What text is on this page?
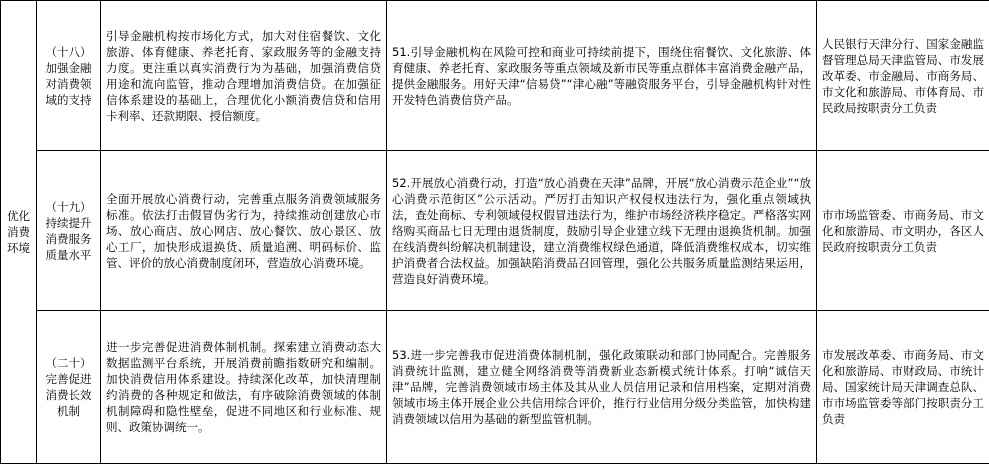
优化消费环境	（十八）
加强金融对消费领域的支持	引导金融机构按市场化方式，加大对住宿餐饮、文化旅游、体育健康、养老托育、家政服务等的金融支持力度。更注重以真实消费行为为基础，加强消费信贷用途和流向监管，推动合理增加消费信贷。在加强征信体系建设的基础上，合理优化小额消费信贷和信用卡利率、还款期限、授信额度。	51.引导金融机构在风险可控和商业可持续前提下，围绕住宿餐饮、文化旅游、体育健康、养老托育、家政服务等重点领域及新市民等重点群体丰富消费金融产品，提供金融服务。用好天津“信易贷”“津心融”等融资服务平台，引导金融机构针对性开发特色消费信贷产品。	人民银行天津分行、国家金融监督管理总局天津监管局、市发展改革委、市金融局、市商务局、市文化和旅游局、市体育局、市民政局按职责分工负责

	（十九）
持续提升消费服务质量水平	全面开展放心消费行动，完善重点服务消费领域服务标准。依法打击假冒伪劣行为，持续推动创建放心市场、放心商店、放心网店、放心餐饮、放心景区、放心工厂，加快形成退换货、质量追溯、明码标价、监管、评价的放心消费制度闭环，营造放心消费环境。	52.开展放心消费行动，打造“放心消费在天津”品牌，开展“放心消费示范企业”“放心消费示范街区”公示活动。严厉打击知识产权侵权违法行为，强化重点领域执法，查处商标、专利领域侵权假冒违法行为，维护市场经济秩序稳定。严格落实网络购买商品七日无理由退货制度，鼓励引导企业建立线下无理由退换货机制。加强在线消费纠纷解决机制建设，建立消费维权绿色通道，降低消费维权成本，切实维护消费者合法权益。加强缺陷消费品召回管理，强化公共服务质量监测结果运用，营造良好消费环境。	市市场监管委、市商务局、市文化和旅游局、市文明办，各区人民政府按职责分工负责

	（二十）
完善促进消费长效机制	进一步完善促进消费体制机制。探索建立消费动态大数据监测平台系统，开展消费前瞻指数研究和编制。加快消费信用体系建设。持续深化改革，加快清理制约消费的各种规定和做法，有序破除消费领域的体制机制障碍和隐性壁垒，促进不同地区和行业标准、规则、政策协调统一。	53.进一步完善我市促进消费体制机制，强化政策联动和部门协同配合。完善服务消费统计监测，建立健全网络消费等消费新业态新模式统计体系。打响“诚信天津”品牌，完善消费领域市场主体及其从业人员信用记录和信用档案，定期对消费领域市场主体开展企业公共信用综合评价，推行行业信用分级分类监管，加快构建消费领域以信用为基础的新型监管机制。	市发展改革委、市商务局、市文化和旅游局、市财政局、市统计局、国家统计局天津调查总队、市市场监管委等部门按职责分工负责
